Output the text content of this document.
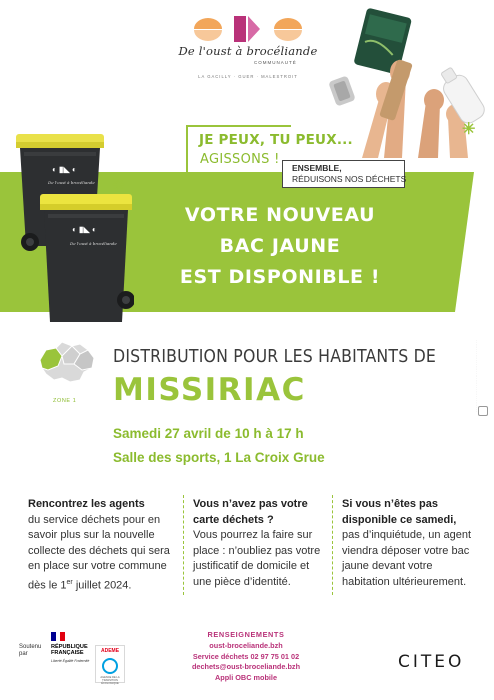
De l'oust à brocéliande
COMMUNAUTÉ
LA GACILLY · GUER · MALESTROIT
◐ ▮◣ ◐
De l'oust à brocéliande
◐ ▮◣ ◐
De l'oust à brocéliande
✳
✳
✳
JE PEUX, TU PEUX...
AGISSONS !
ENSEMBLE,
RÉDUISONS NOS DÉCHETS
VOTRE NOUVEAU
BAC JAUNE
EST DISPONIBLE !
ZONE 1
DISTRIBUTION POUR LES HABITANTS DE
MISSIRIAC
Samedi 27 avril de 10 h à 17 h
Salle des sports, 1 La Croix Grue
· · · · · · · · · · · · · · · · · · · ·
· · · · · · · · · · · · · · · · · · · ·
Rencontrez les agents
du service déchets pour en savoir plus sur la nouvelle collecte des déchets qui sera en place sur votre commune dès le 1er juillet 2024.
Vous n’avez pas votre carte déchets ?
Vous pourrez la faire sur place : n’oubliez pas votre justificatif de domicile et une pièce d’identité.
Si vous n’êtes pas disponible ce samedi,
pas d’inquiétude, un agent viendra déposer votre bac jaune devant votre habitation ultérieurement.
Soutenu
par
RÉPUBLIQUE
FRANÇAISE
Liberté Égalité Fraternité
ADEME
AGENCE DE LA TRANSITION ÉCOLOGIQUE
RENSEIGNEMENTS
oust-broceliande.bzh
Service déchets 02 97 75 01 02
dechets@oust-broceliande.bzh
Appli OBC mobile
CITEO
